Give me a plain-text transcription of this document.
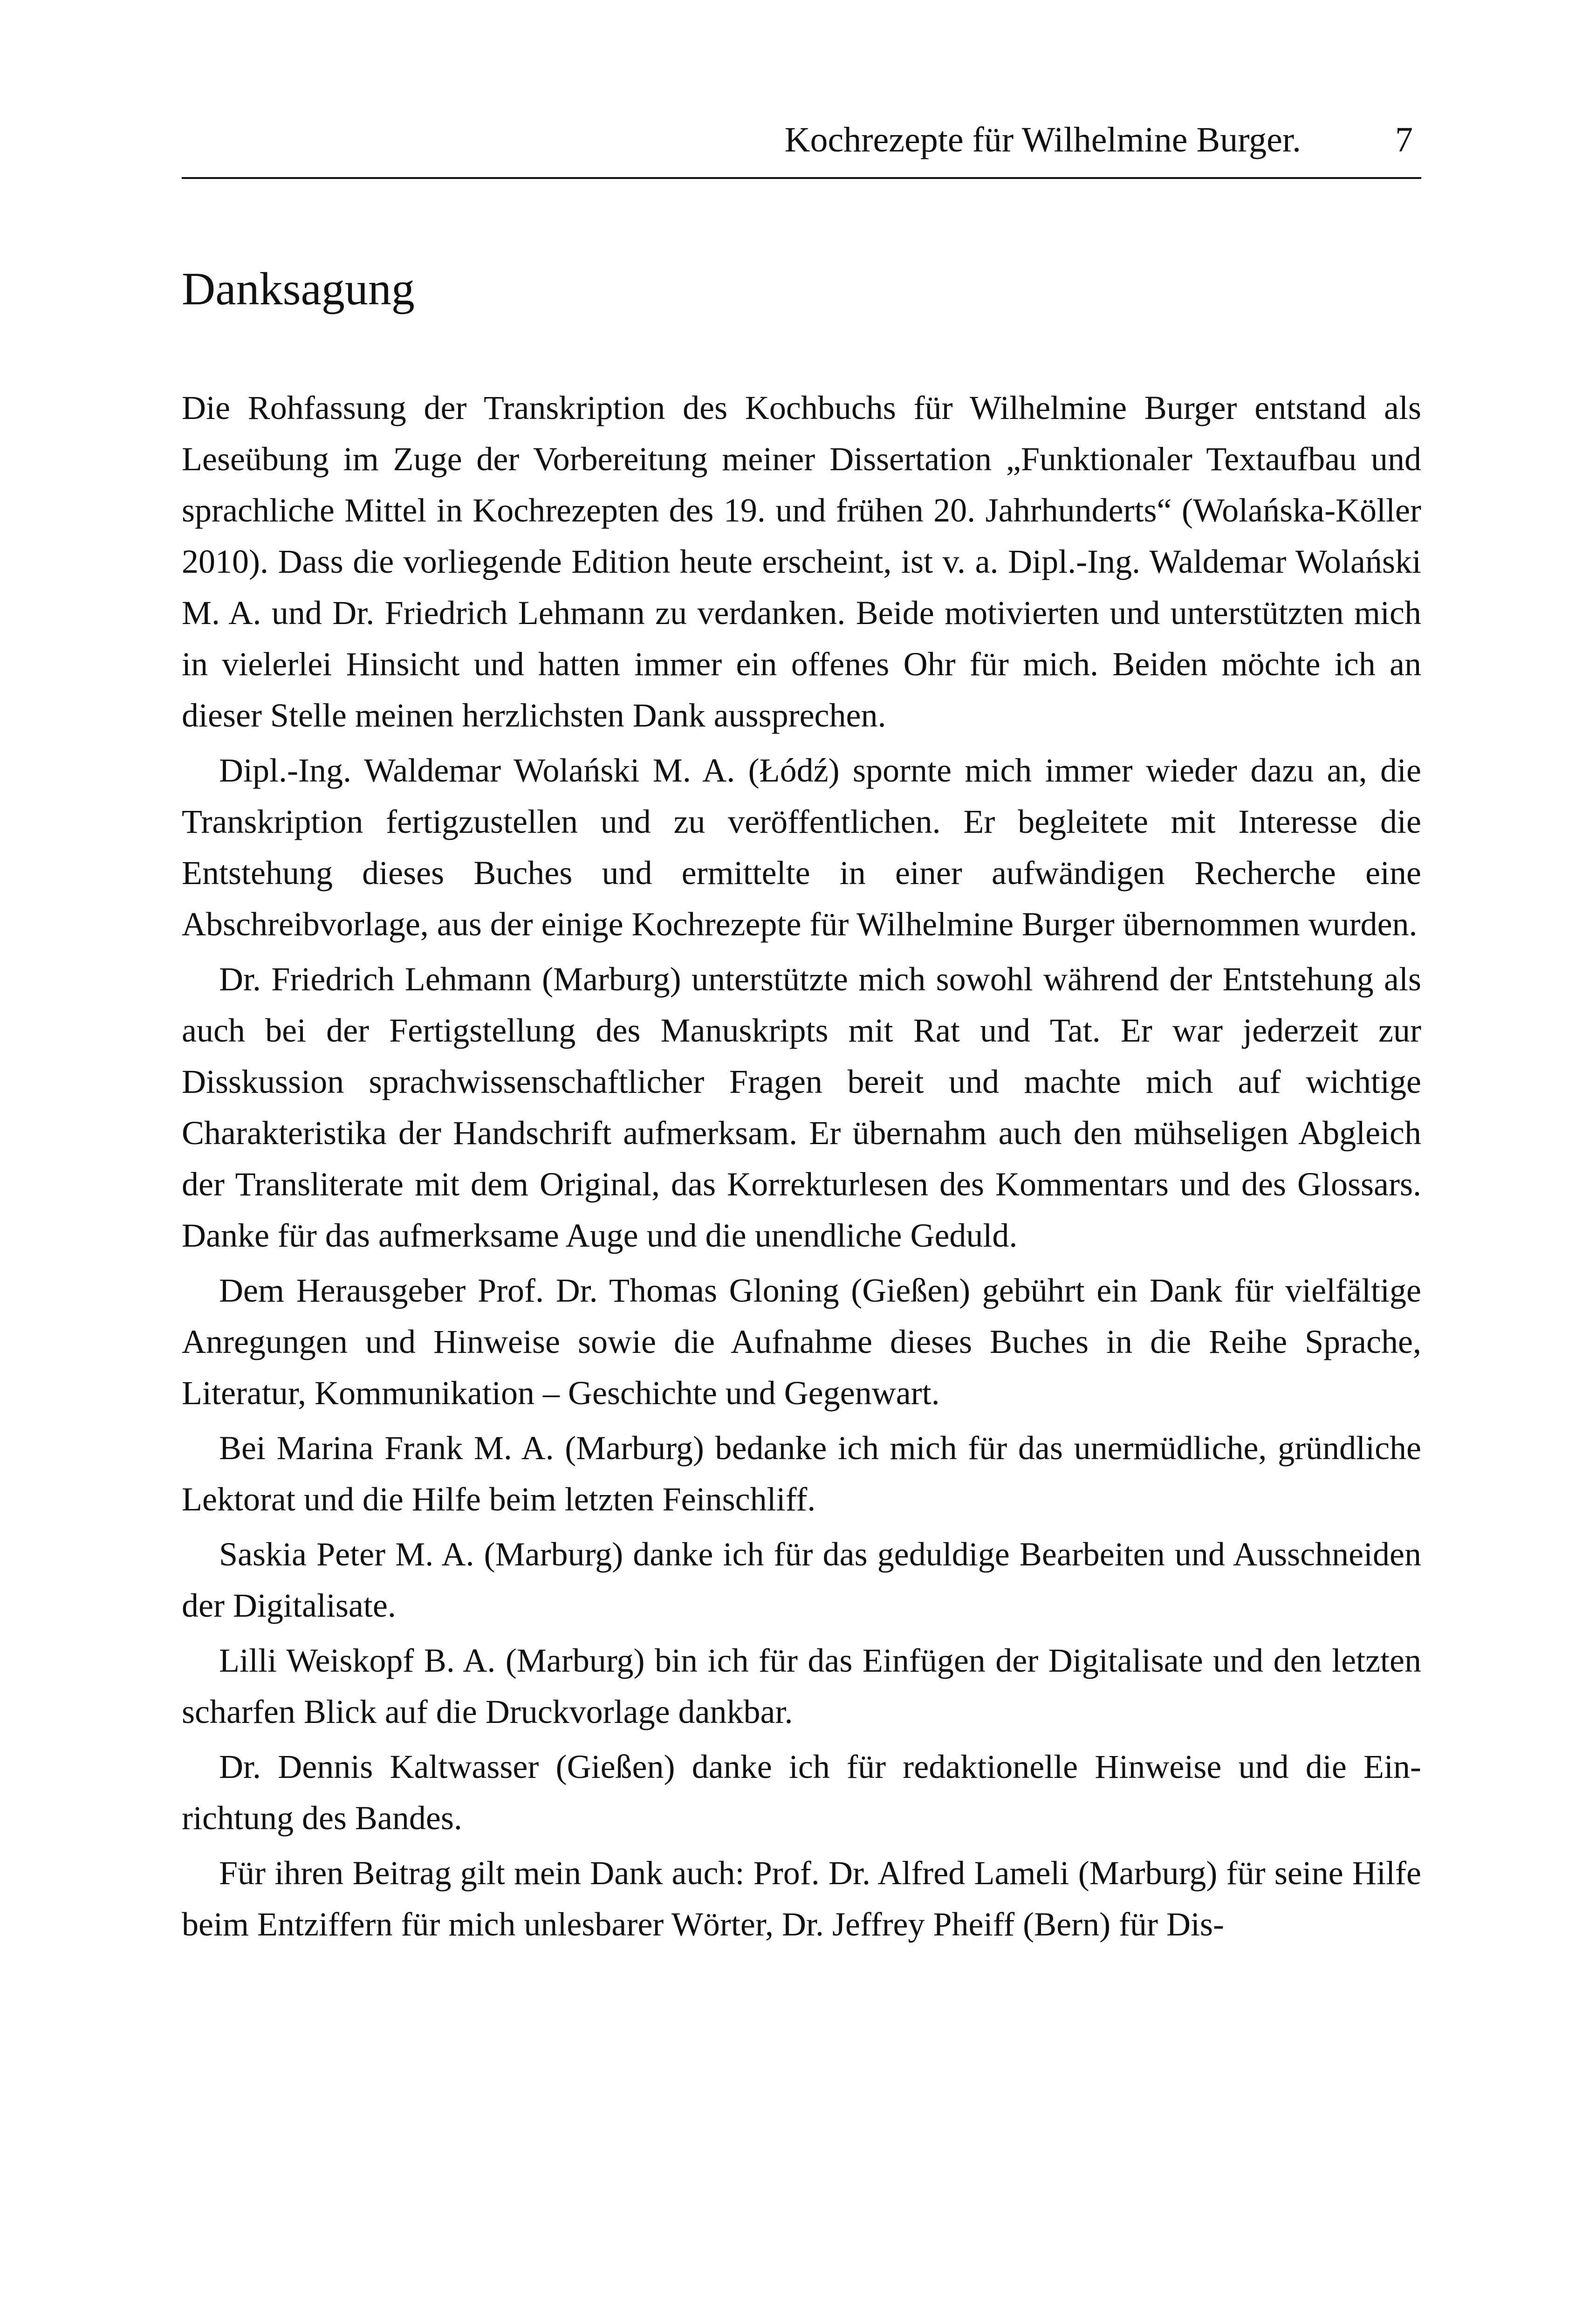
Kochrezepte für Wilhelmine Burger.	7
Danksagung

Die Rohfassung der Transkription des Kochbuchs für Wilhelmine Burger entstand als Leseübung im Zuge der Vorbereitung meiner Dissertation „Funktionaler Textaufbau und sprachliche Mittel in Kochrezepten des 19. und frühen 20. Jahrhunderts“ (Wolańska-Köller 2010). Dass die vorliegende Edition heute erscheint, ist v. a. Dipl.-Ing. Waldemar Wolański M. A. und Dr. Friedrich Lehmann zu verdanken. Beide motivierten und unterstützten mich in vielerlei Hinsicht und hatten immer ein offenes Ohr für mich. Beiden möchte ich an dieser Stelle meinen herzlichsten Dank aussprechen.

Dipl.-Ing. Waldemar Wolański M. A. (Łódź) spornte mich immer wieder dazu an, die Transkription fertigzustellen und zu veröffentlichen. Er begleitete mit Interesse die Entstehung dieses Buches und ermittelte in einer aufwändigen Recherche eine Abschreibvorlage, aus der einige Kochrezepte für Wilhelmine Burger übernommen wurden.

Dr. Friedrich Lehmann (Marburg) unterstützte mich sowohl während der Entstehung als auch bei der Fertigstellung des Manuskripts mit Rat und Tat. Er war jederzeit zur Disskussion sprachwissenschaftlicher Fragen bereit und machte mich auf wichtige Charakteristika der Handschrift aufmerksam. Er übernahm auch den mühseligen Abgleich der Transliterate mit dem Original, das Korrekturlesen des Kommentars und des Glossars. Danke für das aufmerksame Auge und die unendliche Geduld.

Dem Herausgeber Prof. Dr. Thomas Gloning (Gießen) gebührt ein Dank für vielfältige Anregungen und Hinweise sowie die Aufnahme dieses Buches in die Reihe Sprache, Literatur, Kommunikation – Geschichte und Gegenwart.

Bei Marina Frank M. A. (Marburg) bedanke ich mich für das unermüdliche, gründliche Lektorat und die Hilfe beim letzten Feinschliff.

Saskia Peter M. A. (Marburg) danke ich für das geduldige Bearbeiten und Ausschneiden der Digitalisate.

Lilli Weiskopf B. A. (Marburg) bin ich für das Einfügen der Digitalisate und den letzten scharfen Blick auf die Druckvorlage dankbar.

Dr. Dennis Kaltwasser (Gießen) danke ich für redaktionelle Hinweise und die Einrichtung des Bandes.

Für ihren Beitrag gilt mein Dank auch: Prof. Dr. Alfred Lameli (Marburg) für seine Hilfe beim Entziffern für mich unlesbarer Wörter, Dr. Jeffrey Pheiff (Bern) für Dis-
